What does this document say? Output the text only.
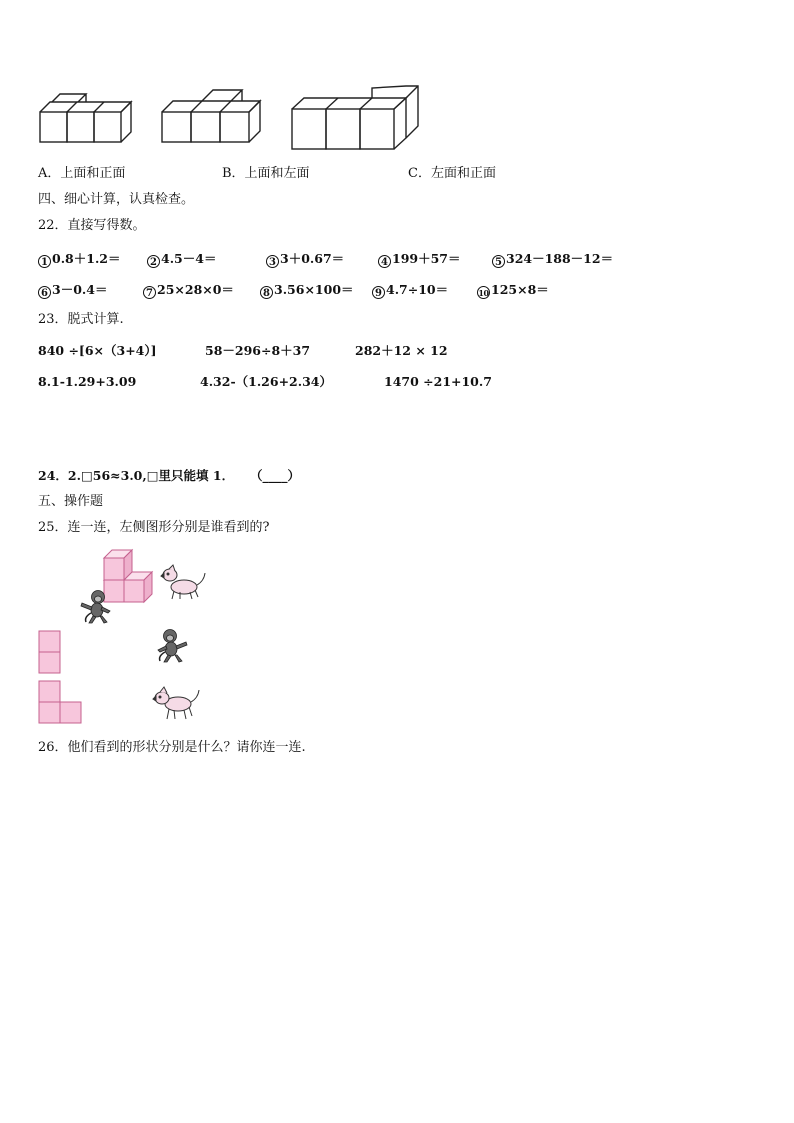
A．上面和正面	B．上面和左面	C．左面和正面
四、细心计算，认真检查。
22．直接写得数。
1 0.8＋1.2＝	2 4.5－4＝	3 3＋0.67＝	4 199＋57＝	5 324－188－12＝
6 3－0.4＝	7 25×28×0＝	8 3.56×100＝	9 4.7÷10＝	10 125×8＝
23．脱式计算.
840 ÷[6×（3+4）]	58－296÷8＋37	282＋12 × 12
8.1-1.29+3.09	4.32-（1.26+2.34）	1470 ÷21+10.7
24．2.□56≈3.0,□里只能填 1． （____）
五、操作题
25．连一连，左侧图形分别是谁看到的?
26．他们看到的形状分别是什么？请你连一连.
